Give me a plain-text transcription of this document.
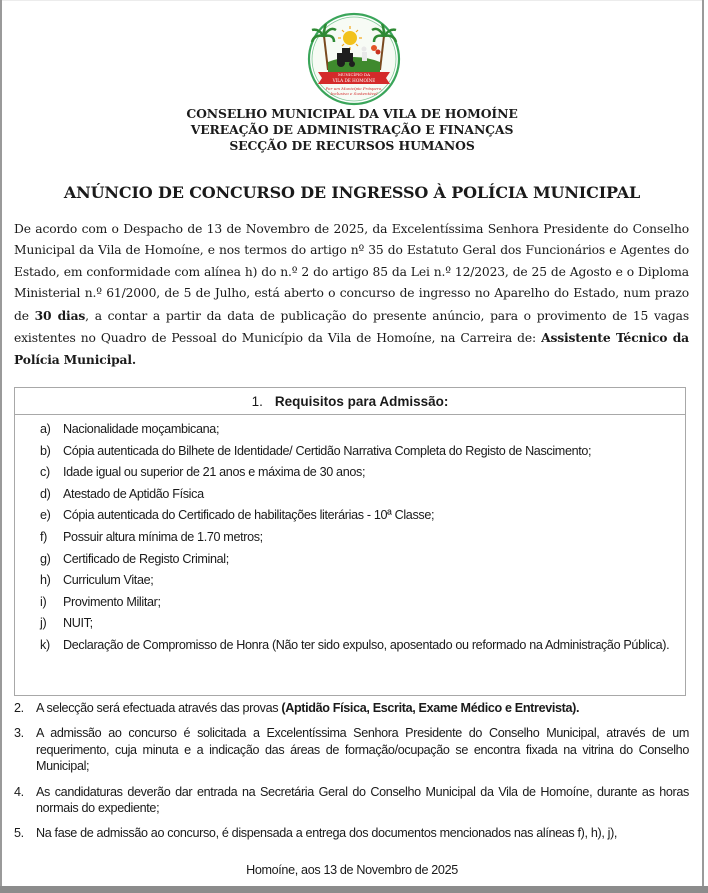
MUNICÍPIO DA
VILA DE HOMOÍNE
Por um Município Próspero,
Inclusivo e Sustentável
CONSELHO MUNICIPAL DA VILA DE HOMOÍNE
VEREAÇÃO DE ADMINISTRAÇÃO E FINANÇAS
SECÇÃO DE RECURSOS HUMANOS
ANÚNCIO DE CONCURSO DE INGRESSO À POLÍCIA MUNICIPAL
De acordo com o Despacho de 13 de Novembro de 2025, da Excelentíssima Senhora Presidente do Conselho Municipal da Vila de Homoíne, e nos termos do artigo nº 35 do Estatuto Geral dos Funcionários e Agentes do Estado, em conformidade com alínea h) do n.º 2 do artigo 85 da Lei n.º 12/2023, de 25 de Agosto e o Diploma Ministerial n.º 61/2000, de 5 de Julho, está aberto o concurso de ingresso no Aparelho do Estado, num prazo de 30 dias, a contar a partir da data de publicação do presente anúncio, para o provimento de 15 vagas existentes no Quadro de Pessoal do Município da Vila de Homoíne, na Carreira de: Assistente Técnico da Polícia Municipal.
1. Requisitos para Admissão:
a) Nacionalidade moçambicana;
b) Cópia autenticada do Bilhete de Identidade/ Certidão Narrativa Completa do Registo de Nascimento;
c) Idade igual ou superior de 21 anos e máxima de 30 anos;
d) Atestado de Aptidão Física
e) Cópia autenticada do Certificado de habilitações literárias - 10ª Classe;
f) Possuir altura mínima de 1.70 metros;
g) Certificado de Registo Criminal;
h) Curriculum Vitae;
i) Provimento Militar;
j) NUIT;
k) Declaração de Compromisso de Honra (Não ter sido expulso, aposentado ou reformado na Administração Pública).
2. A selecção será efectuada através das provas (Aptidão Física, Escrita, Exame Médico e Entrevista).
3. A admissão ao concurso é solicitada a Excelentíssima Senhora Presidente do Conselho Municipal, através de um requerimento, cuja minuta e a indicação das áreas de formação/ocupação se encontra fixada na vitrina do Conselho Municipal;
4. As candidaturas deverão dar entrada na Secretária Geral do Conselho Municipal da Vila de Homoíne, durante as horas normais do expediente;
5. Na fase de admissão ao concurso, é dispensada a entrega dos documentos mencionados nas alíneas f), h), j),
Homoíne, aos 13 de Novembro de 2025
